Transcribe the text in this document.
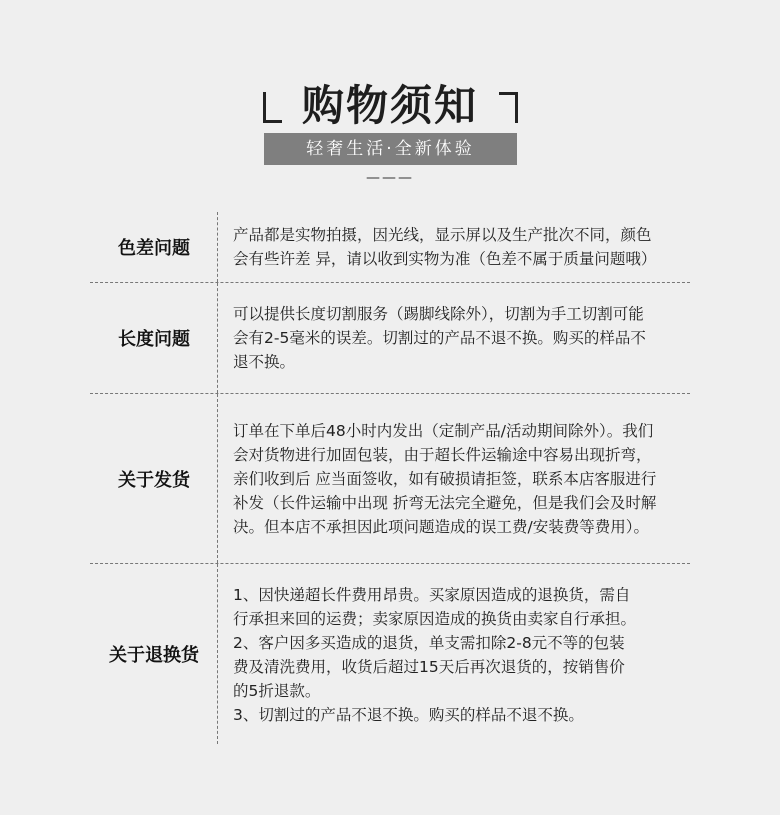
购物须知
轻奢生活·全新体验
———
色差问题
产品都是实物拍摄，因光线，显示屏以及生产批次不同，颜色
会有些许差 异，请以收到实物为准（色差不属于质量问题哦）
长度问题
可以提供长度切割服务（踢脚线除外），切割为手工切割可能
会有2-5毫米的误差。切割过的产品不退不换。购买的样品不
退不换。
关于发货
订单在下单后48小时内发出（定制产品/活动期间除外）。我们
会对货物进行加固包装，由于超长件运输途中容易出现折弯，
亲们收到后 应当面签收，如有破损请拒签，联系本店客服进行
补发（长件运输中出现 折弯无法完全避免，但是我们会及时解
决。但本店不承担因此项问题造成的误工费/安装费等费用）。
关于退换货
1、因快递超长件费用昂贵。买家原因造成的退换货，需自
行承担来回的运费；卖家原因造成的换货由卖家自行承担。
2、客户因多买造成的退货，单支需扣除2-8元不等的包装
费及清洗费用，收货后超过15天后再次退货的，按销售价
的5折退款。
3、切割过的产品不退不换。购买的样品不退不换。
